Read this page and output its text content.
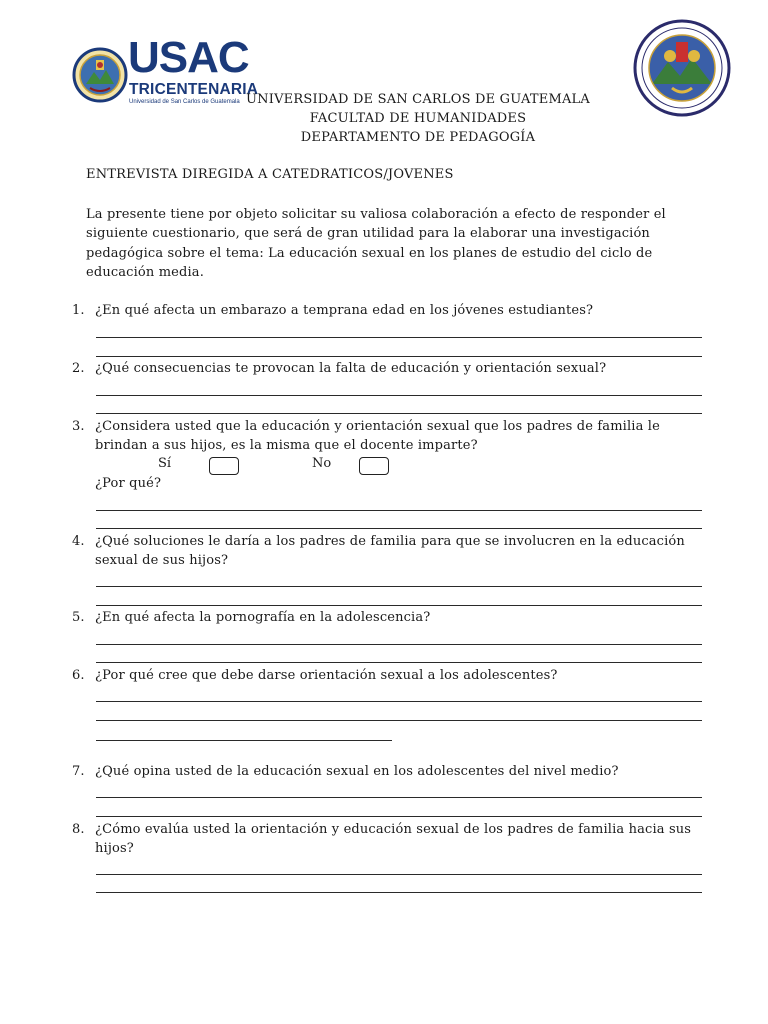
USAC
TRICENTENARIA
Universidad de San Carlos de Guatemala UNIVERSIDAD DE SAN CARLOS DE GUATEMALA
FACULTAD DE HUMANIDADES
DEPARTAMENTO DE PEDAGOGÍA
ENTREVISTA DIREGIDA A CATEDRATICOS/JOVENES
La presente tiene por objeto solicitar su valiosa colaboración a efecto de responder el
siguiente cuestionario, que será de gran utilidad para la elaborar una investigación
pedagógica sobre el tema: La educación sexual en los planes de estudio del ciclo de
educación media.
1. ¿En qué afecta un embarazo a temprana edad en los jóvenes estudiantes?
2. ¿Qué consecuencias te provocan la falta de educación y orientación sexual?
3. ¿Considera usted que la educación y orientación sexual que los padres de familia le
brindan a sus hijos, es la misma que el docente imparte?
¿Por qué?
Sí	No
4. ¿Qué soluciones le daría a los padres de familia para que se involucren en la educación
sexual de sus hijos?
5. ¿En qué afecta la pornografía en la adolescencia?
6. ¿Por qué cree que debe darse orientación sexual a los adolescentes?
7. ¿Qué opina usted de la educación sexual en los adolescentes del nivel medio?
8. ¿Cómo evalúa usted la orientación y educación sexual de los padres de familia hacia sus
hijos?
